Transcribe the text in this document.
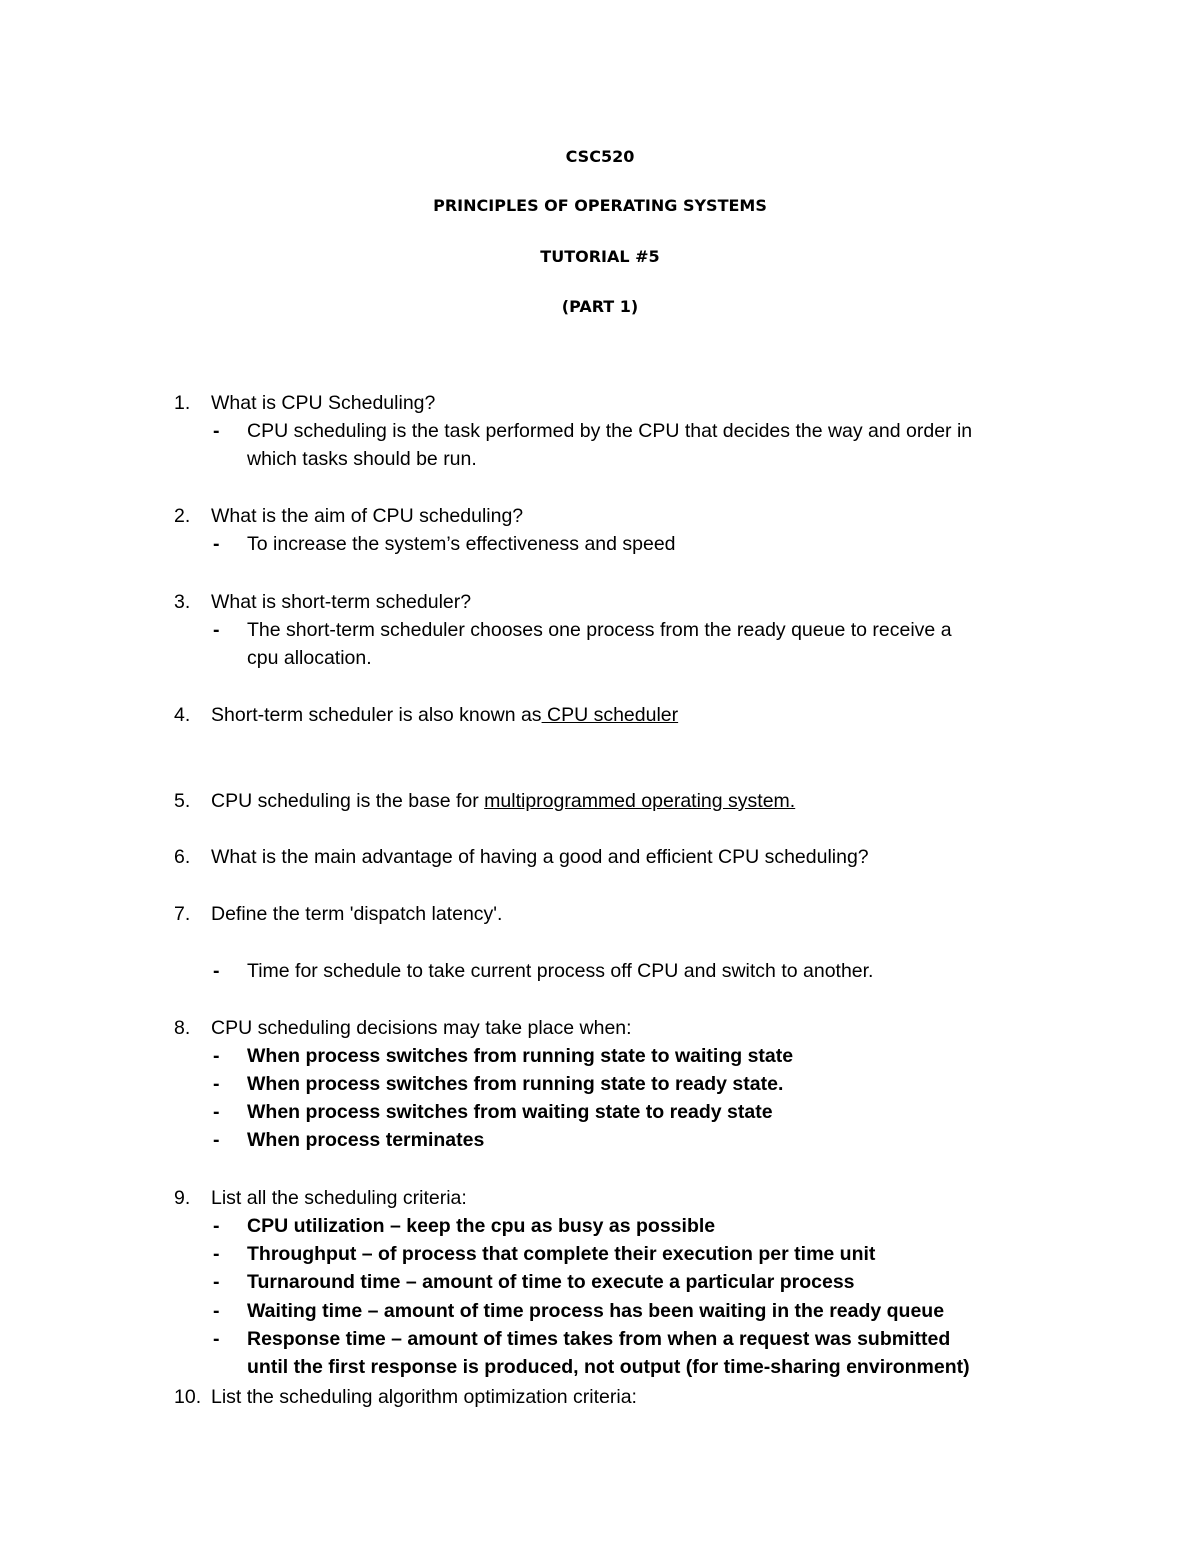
CSC520
PRINCIPLES OF OPERATING SYSTEMS
TUTORIAL #5
(PART 1)
1. What is CPU Scheduling?
- CPU scheduling is the task performed by the CPU that decides the way and order in
which tasks should be run.
2. What is the aim of CPU scheduling?
- To increase the system’s effectiveness and speed
3. What is short-term scheduler?
- The short-term scheduler chooses one process from the ready queue to receive a
cpu allocation.
4. Short-term scheduler is also known as CPU scheduler
5. CPU scheduling is the base for multiprogrammed operating system.
6. What is the main advantage of having a good and efficient CPU scheduling?
7. Define the term 'dispatch latency'.
- Time for schedule to take current process off CPU and switch to another.
8. CPU scheduling decisions may take place when:
- When process switches from running state to waiting state
- When process switches from running state to ready state.
- When process switches from waiting state to ready state
- When process terminates
9. List all the scheduling criteria:
- CPU utilization – keep the cpu as busy as possible
- Throughput – of process that complete their execution per time unit
- Turnaround time – amount of time to execute a particular process
- Waiting time – amount of time process has been waiting in the ready queue
- Response time – amount of times takes from when a request was submitted
until the first response is produced, not output (for time-sharing environment)
10. List the scheduling algorithm optimization criteria:
